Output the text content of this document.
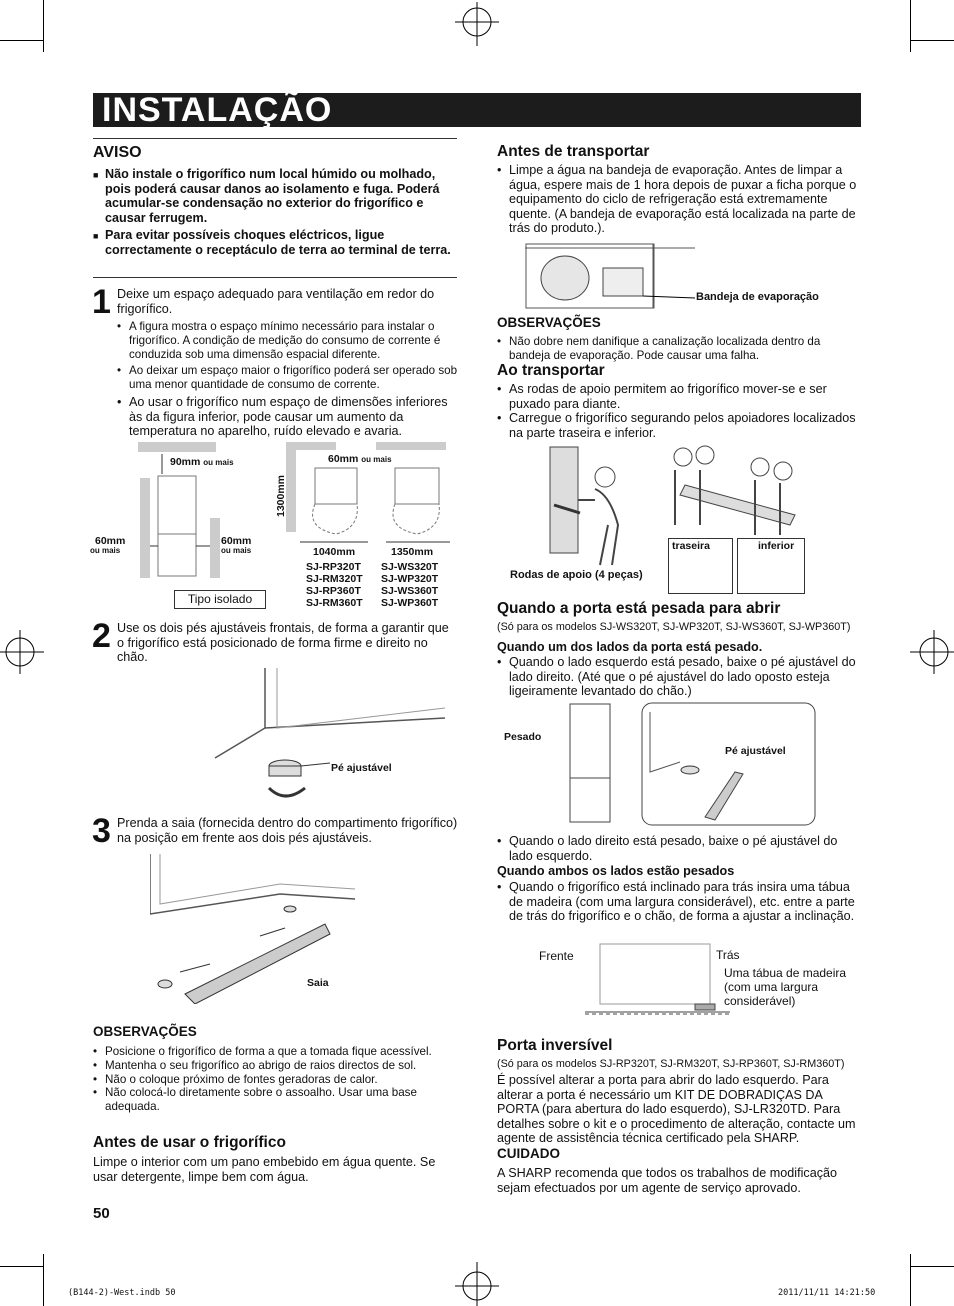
INSTALAÇÃO
AVISO
■ Não instale o frigorífico num local húmido ou molhado, pois poderá causar danos ao isolamento e fuga. Poderá acumular-se condensação no exterior do frigorífico e causar ferrugem.
■ Para evitar possíveis choques eléctricos, ligue correctamente o receptáculo de terra ao terminal de terra.
1 Deixe um espaço adequado para ventilação em redor do frigorífico.
• A figura mostra o espaço mínimo necessário para instalar o frigorífico. A condição de medição do consumo de corrente é conduzida sob uma dimensão espacial diferente.
• Ao deixar um espaço maior o frigorífico poderá ser operado sob uma menor quantidade de consumo de corrente.
• Ao usar o frigorífico num espaço de dimensões inferiores às da figura inferior, pode causar um aumento da temperatura no aparelho, ruído elevado e avaria.
90mm ou mais
60mm
ou mais
60mm
ou mais
1300mm
60mm ou mais
1040mm	1350mm
SJ-RP320T
SJ-RM320T
SJ-RP360T
SJ-RM360T
SJ-WS320T
SJ-WP320T
SJ-WS360T
SJ-WP360T
Tipo isolado
2 Use os dois pés ajustáveis frontais, de forma a garantir que o frigorífico está posicionado de forma firme e direito no chão.
Pé ajustável
3 Prenda a saia (fornecida dentro do compartimento frigorífico) na posição em frente aos dois pés ajustáveis.
Saia
OBSERVAÇÕES
• Posicione o frigorífico de forma a que a tomada fique acessível.
• Mantenha o seu frigorífico ao abrigo de raios directos de sol.
• Não o coloque próximo de fontes geradoras de calor.
• Não colocá-lo diretamente sobre o assoalho. Usar uma base adequada.
Antes de usar o frigorífico
Limpe o interior com um pano embebido em água quente. Se usar detergente, limpe bem com água.
50
Antes de transportar
• Limpe a água na bandeja de evaporação. Antes de limpar a água, espere mais de 1 hora depois de puxar a ficha porque o equipamento do ciclo de refrigeração está extremamente quente. (A bandeja de evaporação está localizada na parte de trás do produto.).
Bandeja de evaporação
OBSERVAÇÕES
• Não dobre nem danifique a canalização localizada dentro da bandeja de evaporação. Pode causar uma falha.
Ao transportar
• As rodas de apoio permitem ao frigorífico mover-se e ser puxado para diante.
• Carregue o frigorífico segurando pelos apoiadores localizados na parte traseira e inferior.
traseira	inferior
Rodas de apoio (4 peças)
Quando a porta está pesada para abrir
(Só para os modelos SJ-WS320T, SJ-WP320T, SJ-WS360T, SJ-WP360T)
Quando um dos lados da porta está pesado.
• Quando o lado esquerdo está pesado, baixe o pé ajustável do lado direito. (Até que o pé ajustável do lado oposto esteja ligeiramente levantado do chão.)
Pesado
Pé ajustável
• Quando o lado direito está pesado, baixe o pé ajustável do lado esquerdo.
Quando ambos os lados estão pesados
• Quando o frigorífico está inclinado para trás insira uma tábua de madeira (com uma largura considerável), etc. entre a parte de trás do frigorífico e o chão, de forma a ajustar a inclinação.
Frente	Trás
Uma tábua de madeira (com uma largura considerável)
Porta inversível
(Só para os modelos SJ-RP320T, SJ-RM320T, SJ-RP360T, SJ-RM360T)
É possível alterar a porta para abrir do lado esquerdo. Para alterar a porta é necessário um KIT DE DOBRADIÇAS DA PORTA (para abertura do lado esquerdo), SJ-LR320TD. Para detalhes sobre o kit e o procedimento de alteração, contacte um agente de assistência técnica certificado pela SHARP.
CUIDADO
A SHARP recomenda que todos os trabalhos de modificação sejam efectuados por um agente de serviço aprovado.
(B144-2)-West.indb 50	2011/11/11 14:21:50
